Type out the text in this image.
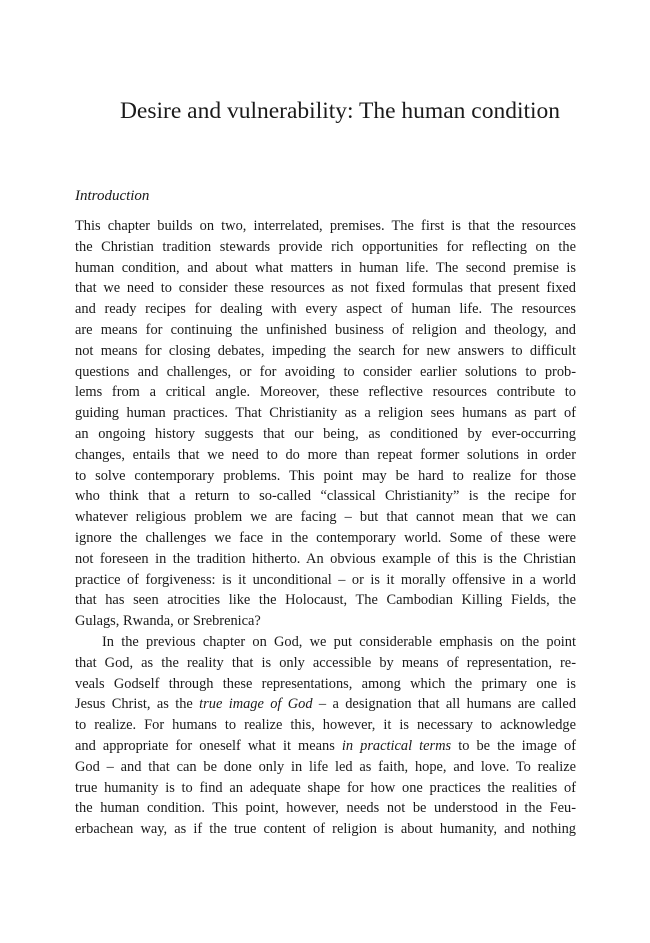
Desire and vulnerability: The human condition
Introduction
This chapter builds on two, interrelated, premises. The first is that the resources
the Christian tradition stewards provide rich opportunities for reflecting on the
human condition, and about what matters in human life. The second premise is
that we need to consider these resources as not fixed formulas that present fixed
and ready recipes for dealing with every aspect of human life. The resources
are means for continuing the unfinished business of religion and theology, and
not means for closing debates, impeding the search for new answers to difficult
questions and challenges, or for avoiding to consider earlier solutions to prob-
lems from a critical angle. Moreover, these reflective resources contribute to
guiding human practices. That Christianity as a religion sees humans as part of
an ongoing history suggests that our being, as conditioned by ever-occurring
changes, entails that we need to do more than repeat former solutions in order
to solve contemporary problems. This point may be hard to realize for those
who think that a return to so-called “classical Christianity” is the recipe for
whatever religious problem we are facing – but that cannot mean that we can
ignore the challenges we face in the contemporary world. Some of these were
not foreseen in the tradition hitherto. An obvious example of this is the Christian
practice of forgiveness: is it unconditional – or is it morally offensive in a world
that has seen atrocities like the Holocaust, The Cambodian Killing Fields, the
Gulags, Rwanda, or Srebrenica?
In the previous chapter on God, we put considerable emphasis on the point
that God, as the reality that is only accessible by means of representation, re-
veals Godself through these representations, among which the primary one is
Jesus Christ, as the true image of God – a designation that all humans are called
to realize. For humans to realize this, however, it is necessary to acknowledge
and appropriate for oneself what it means in practical terms to be the image of
God – and that can be done only in life led as faith, hope, and love. To realize
true humanity is to find an adequate shape for how one practices the realities of
the human condition. This point, however, needs not be understood in the Feu-
erbachean way, as if the true content of religion is about humanity, and nothing
